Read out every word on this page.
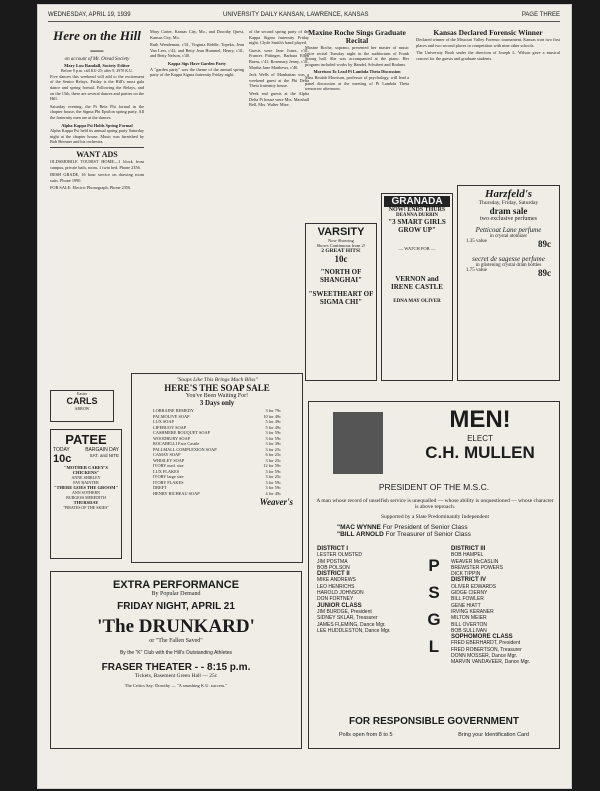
WEDNESDAY, APRIL 19, 1939	UNIVERSITY DAILY KANSAN, LAWRENCE, KANSAS	PAGE THREE
Here on the Hill—
on account of Mt. Oread Society
Mary Lou Randall, Society Editor
Before 9 p.m. call KU-25; after 9, 2970 K.U.

Five dances this weekend will add to the excitement of the Senior Relays. Friday is the Hill's most gala dance and spring formal. Following the Relays, and on the 15th, there are several dances and parties on the Hill.

Saturday evening, the Pi Beta Phi formal in the chapter house, the Sigma Phi Epsilon spring party. All the fraternity men are at the dances.

Alpha Kappa Psi Holds Spring Formal

Alpha Kappa Psi held its annual spring party Saturday night at the chapter house. Music was furnished by Bob Brenner and his orchestra.

WANT ADS

OLDSMOBILE TOURIST HOME—1 block from campus, private bath, room, 1 twin bed. Phone 2356.

IRISH GRADE, 16 hour service on drawing room suits. Phone 1990.

FOR SALE: Electric Phonograph, Phone 2356.

Mary Carter, Kansas City, Mo., and Dorothy Quest, Kansas City, Mo.

Ruth Wendeman, c'41, Virginia Riddle, Topeka, Jean Van Leer, c'42, and Betty Jean Hummel, Henry, c'41, and Betty Nelson, c'40.

Kappa Sigs Have Garden Party

A "garden party" was the theme of the annual spring party of the Kappa Sigma fraternity Friday night.

of the second spring party of the Kappa Sigma fraternity Friday night. Clyde Smith's band played.

Guests were Jane Jones, c'41, Frances Pittinger, Barbara Ellen Burns, c'41, Rosemary Jenny, c'41, Martha Jane Matthews, c'40.

Jack Wells of Manhattan was a weekend guest at the Phi Delta Theta fraternity house.

Week end guests at the Alpha Delta Pi house were Mrs. Marshall Bell, Mrs. Walter Mize.

Easter
CARLS
ARROW
PATEE
TODAY	BARGAIN DAY
10c	SAT. and NITE
"MOTHER CAREY'S CHICKENS"
ANNE SHIRLEY
FAY BAINTER
"THERE GOES THE GROOM"
ANN SOTHERN
BURGESS MEREDITH
THURSDAY
"PIRATES OF THE SKIES"
"Soaps Like This Brings Much Bliss"
HERE'S THE SOAP SALE
You've Been Waiting For!
3 Days only
LORRAINE REMEDY	3 for 79c
PALMOLIVE SOAP	10 for 49c
LUX SOAP	5 for 49c
LIFEBUOY SOAP	5 for 49c
CASHMERE BOUQUET SOAP	3 for 59c
WOODBURY SOAP	3 for 59c
ROCABELLI Face Castile	3 for 39c
PALLMALL COMPLEXION SOAP	3 for 25c
CAMAY SOAP	6 for 25c
WHISLEY SOAP	3 for 25c
IVORY med. size	12 for 59c
LUX FLAKES	3 for 59c
IVORY large size	3 for 25c
IVORY FLAKES	3 for 59c
DREFT	3 for 59c
HENRY RICHEAU SOAP	4 for 49c
Weaver's
EXTRA PERFORMANCE
By Popular Demand
FRIDAY NIGHT, APRIL 21
'The DRUNKARD'
or "The Fallen Saved"
By the "K" Club with the Hill's Outstanding Athletes
FRASER THEATER - - 8:15 p.m.
Tickets, Basement Green Hall — 25c
The Critics Say: Dorothy — "A smashing K.U. success."
Maxine Roche Sings Graduate Recital

Maxine Roche, soprano, presented her master of music voice recital Tuesday night in the auditorium of Frank Strong hall. She was accompanied at the piano. Her program included works by Handel, Schubert and Brahms.

Morrison To Lead Pi Lambda Theta Discussion

Miss Beulah Morrison, professor of psychology, will lead a panel discussion at the meeting of Pi Lambda Theta tomorrow afternoon.

Kansas Declared Forensic Winner

Declared winner of the Missouri Valley Forensic tournament, Kansas won two first places and two second places in competition with nine other schools.

The University Book under the direction of Joseph L. Wilson gave a musical concert for the guests and graduate students.

VARSITY
Now Showing
Shows Continuous from 2!
2 GREAT HITS!
10c
"NORTH OF SHANGHAI"
"SWEETHEART OF SIGMA CHI"
GRANADA
NOW! ENDS THURS
DEANNA DURBIN
"3 SMART GIRLS GROW UP"
— WATCH FOR —
VERNON and IRENE CASTLE
EDNA MAY OLIVER
Harzfeld's
Thursday, Friday, Saturday
dram sale
two exclusive perfumes
Petticoat Lane perfume
in crystal atomizer
1.35 value	89c
secret de sagesse perfume
in glistening crystal dram bottles
1.75 value	89c
MEN!
ELECT
C.H. MULLEN
PRESIDENT OF THE M.S.C.
A man whose record of unselfish service is unequalled — whose ability is unquestioned — whose character is above reproach.
Supported by a Slate Predominantly Independent
"MAC WYNNE For President of Senior Class
"BILL ARNOLD For Treasurer of Senior Class
DISTRICT I
LESTER OLMSTED
JIM POSTMA
BOB POLSON
DISTRICT II
MIKE ANDREWS
LEO HENRICHS
HAROLD JOHNSON
DON FORTNEY
JUNIOR CLASS
JIM BURDGE, President
SIDNEY SKLAR, Treasurer
JAMES FLEMING, Dance Mgr.
LEE HUDDLESTON, Dance Mgr.
P
S
G
L
DISTRICT III
BOB HAMPEL
WEAVER McCASLIN
BREWSTER POWERS
DICK TIPPIN
DISTRICT IV
OLIVER EDWARDS
GIDGE CIERNY
BILL FOWLER
GENE HIATT
IRVING KERANER
MILTON MEIER
BILL OVERTON
BOB SULLIVAN
SOPHOMORE CLASS
FRED EBERHARDT, President
FRED ROBERTSON, Treasurer
DONN MOSSER, Dance Mgr.
MARVIN VANDAVEER, Dance Mgr.
FOR RESPONSIBLE GOVERNMENT
Polls open from 8 to 5	Bring your Identification Card
